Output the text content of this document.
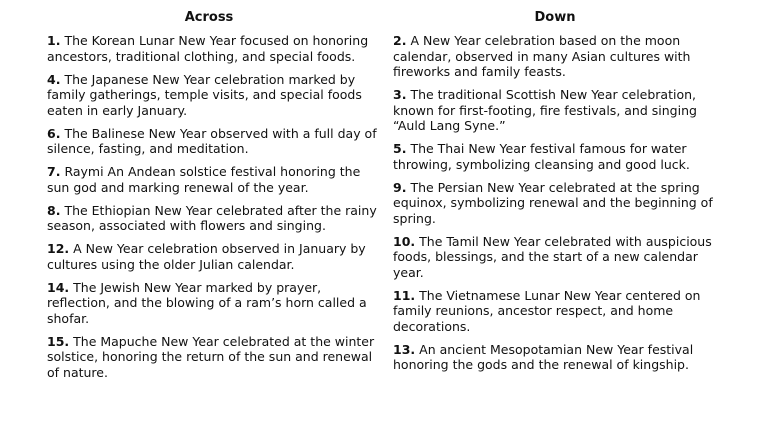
Across
1. The Korean Lunar New Year focused on honoring ancestors, traditional clothing, and special foods.
4. The Japanese New Year celebration marked by family gatherings, temple visits, and special foods eaten in early January.
6. The Balinese New Year observed with a full day of silence, fasting, and meditation.
7. Raymi An Andean solstice festival honoring the sun god and marking renewal of the year.
8. The Ethiopian New Year celebrated after the rainy season, associated with flowers and singing.
12. A New Year celebration observed in January by cultures using the older Julian calendar.
14. The Jewish New Year marked by prayer, reflection, and the blowing of a ram’s horn called a shofar.
15. The Mapuche New Year celebrated at the winter solstice, honoring the return of the sun and renewal of nature.
Down
2. A New Year celebration based on the moon calendar, observed in many Asian cultures with fireworks and family feasts.
3. The traditional Scottish New Year celebration, known for first-footing, fire festivals, and singing “Auld Lang Syne.”
5. The Thai New Year festival famous for water throwing, symbolizing cleansing and good luck.
9. The Persian New Year celebrated at the spring equinox, symbolizing renewal and the beginning of spring.
10. The Tamil New Year celebrated with auspicious foods, blessings, and the start of a new calendar year.
11. The Vietnamese Lunar New Year centered on family reunions, ancestor respect, and home decorations.
13. An ancient Mesopotamian New Year festival honoring the gods and the renewal of kingship.
